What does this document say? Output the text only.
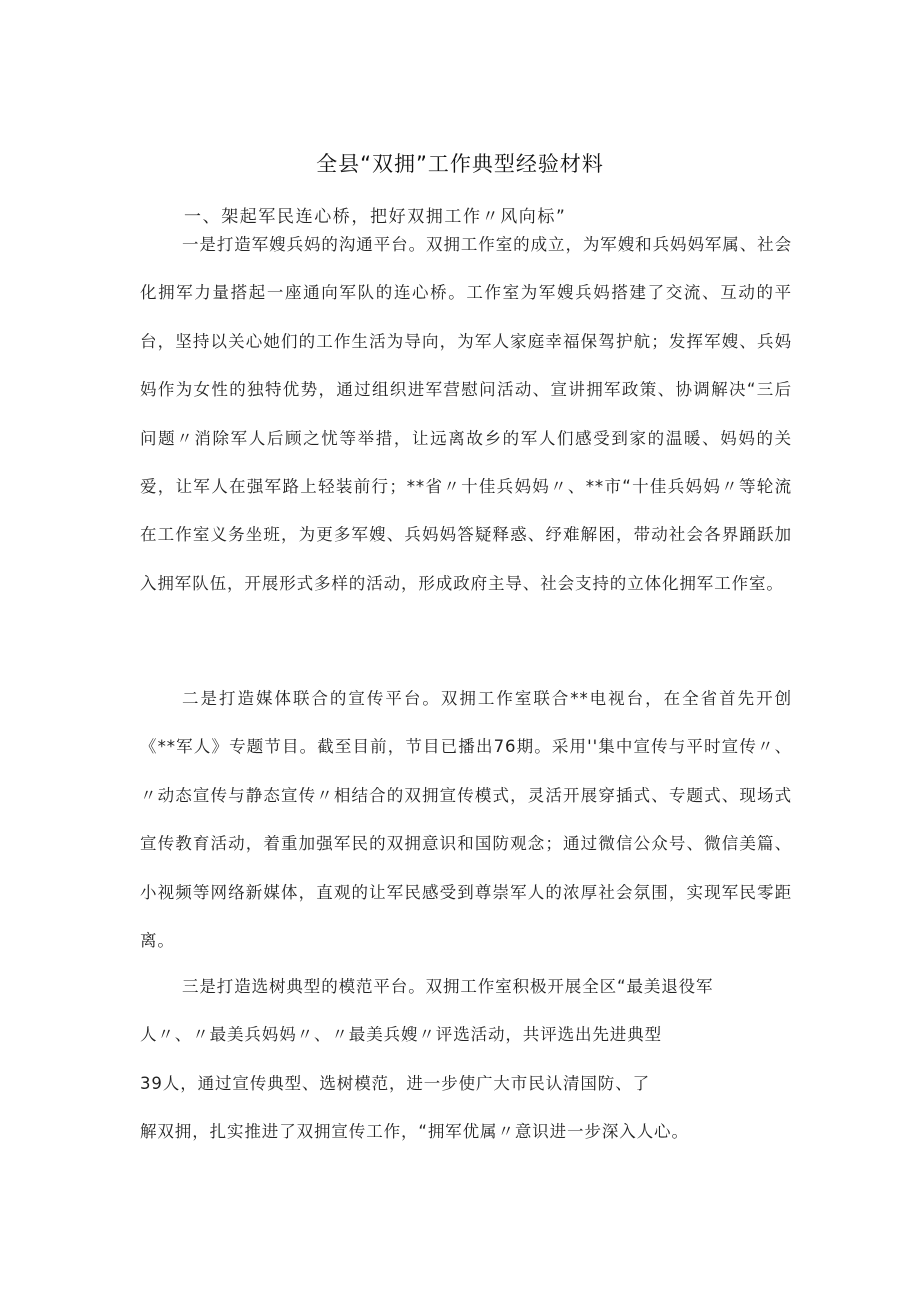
全县“双拥”工作典型经验材料
一、架起军民连心桥，把好双拥工作〃风向标”

一是打造军嫂兵妈的沟通平台。双拥工作室的成立，为军嫂和兵妈妈军属、社会化拥军力量搭起一座通向军队的连心桥。工作室为军嫂兵妈搭建了交流、互动的平台，坚持以关心她们的工作生活为导向，为军人家庭幸福保驾护航；发挥军嫂、兵妈妈作为女性的独特优势，通过组织进军营慰问活动、宣讲拥军政策、协调解决“三后问题〃消除军人后顾之忧等举措，让远离故乡的军人们感受到家的温暖、妈妈的关爱，让军人在强军路上轻装前行；**省〃十佳兵妈妈〃、**市“十佳兵妈妈〃等轮流在工作室义务坐班，为更多军嫂、兵妈妈答疑释惑、纾难解困，带动社会各界踊跃加入拥军队伍，开展形式多样的活动，形成政府主导、社会支持的立体化拥军工作室。

二是打造媒体联合的宣传平台。双拥工作室联合**电视台，在全省首先开创《**军人》专题节目。截至目前，节目已播出76期。采用''集中宣传与平时宣传〃、〃动态宣传与静态宣传〃相结合的双拥宣传模式，灵活开展穿插式、专题式、现场式宣传教育活动，着重加强军民的双拥意识和国防观念；通过微信公众号、微信美篇、小视频等网络新媒体，直观的让军民感受到尊崇军人的浓厚社会氛围，实现军民零距离。

三是打造选树典型的模范平台。双拥工作室积极开展全区“最美退役军
人〃、〃最美兵妈妈〃、〃最美兵嫂〃评选活动，共评选出先进典型
39人，通过宣传典型、选树模范，进一步使广大市民认清国防、了
解双拥，扎实推进了双拥宣传工作，“拥军优属〃意识进一步深入人心。
